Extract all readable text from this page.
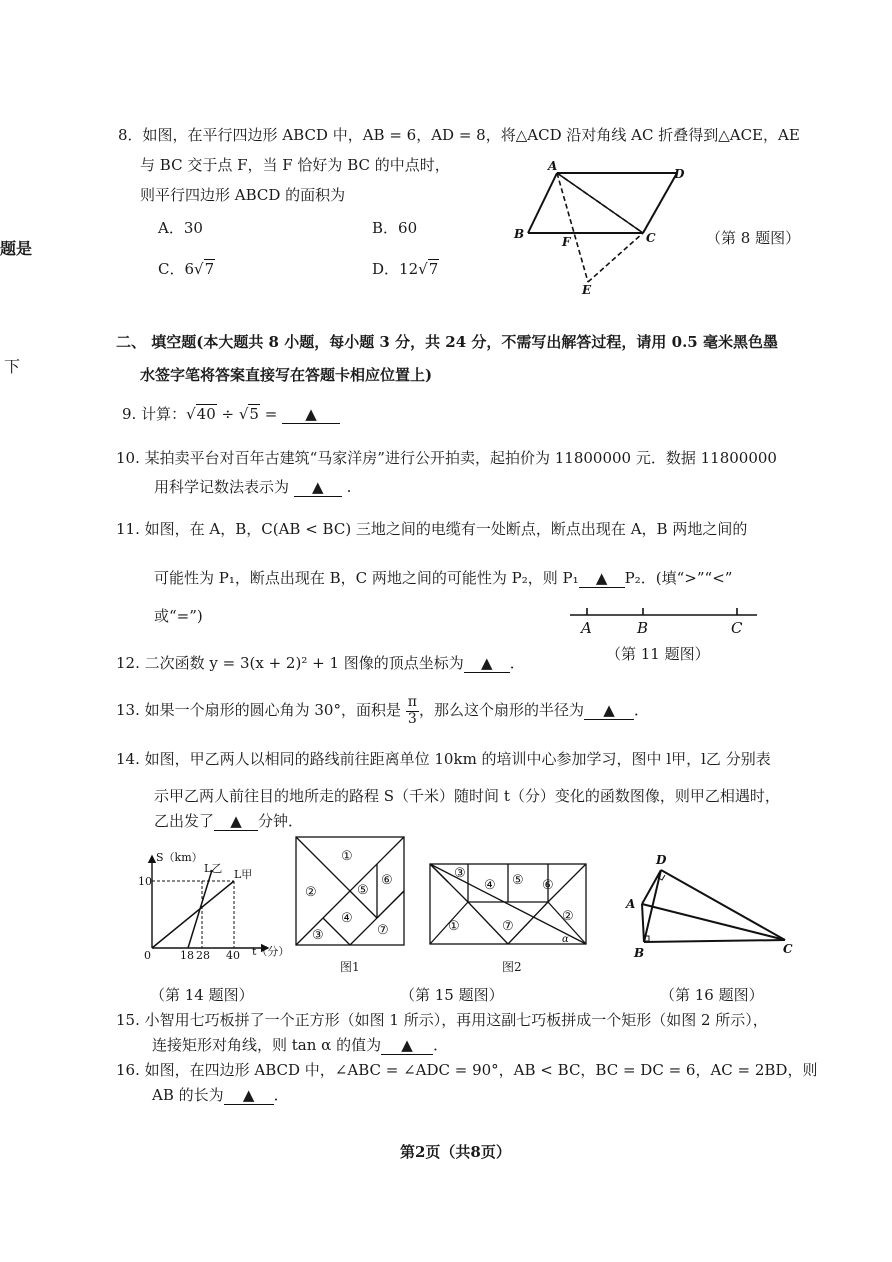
题是
下
8．如图，在平行四边形 ABCD 中，AB = 6，AD = 8，将△ACD 沿对角线 AC 折叠得到△ACE，AE
与 BC 交于点 F，当 F 恰好为 BC 的中点时，
则平行四边形 ABCD 的面积为
A．30	B．60
C．6√7	D．12√7
A
B	C
D
E
F	（第 8 题图）
二、 填空题(本大题共 8 小题，每小题 3 分，共 24 分，不需写出解答过程，请用 0.5 毫米黑色墨
水签字笔将答案直接写在答题卡相应位置上)
9. 计算：√40 ÷ √5 = ▲
10. 某拍卖平台对百年古建筑“马家洋房”进行公开拍卖，起拍价为 11800000 元．数据 11800000
用科学记数法表示为 ▲ .
11. 如图，在 A，B，C(AB < BC) 三地之间的电缆有一处断点，断点出现在 A，B 两地之间的
可能性为 P₁，断点出现在 B，C 两地之间的可能性为 P₂，则 P₁ ▲ P₂．(填“>”“<”
或“=”)
A	B	C
（第 11 题图）
12. 二次函数 y = 3(x + 2)² + 1 图像的顶点坐标为 ▲ ．
13. 如果一个扇形的圆心角为 30°，面积是 $\frac{\pi}{3}$ ，那么这个扇形的半径为 ▲ ．
14. 如图，甲乙两人以相同的路线前往距离单位 10km 的培训中心参加学习，图中 l甲，l乙 分别表
示甲乙两人前往目的地所走的路程 S（千米）随时间 t（分）变化的函数图像，则甲乙相遇时，
乙出发了 ▲ 分钟．
S（km）
t（分）
10
0	18 28 40
L乙 L甲
①
②
③
④
⑤
⑥
⑦
图1
①
②
③
④ ⑤ ⑥
⑦
α
图2
D
A
B	C
（第 14 题图）	（第 15 题图）	（第 16 题图）
15. 小智用七巧板拼了一个正方形（如图 1 所示），再用这副七巧板拼成一个矩形（如图 2 所示），
连接矩形对角线，则 tan α 的值为 ▲ ．
16. 如图，在四边形 ABCD 中，∠ABC = ∠ADC = 90°，AB < BC，BC = DC = 6，AC = 2BD，则
AB 的长为 ▲ ．
第2页（共8页）
